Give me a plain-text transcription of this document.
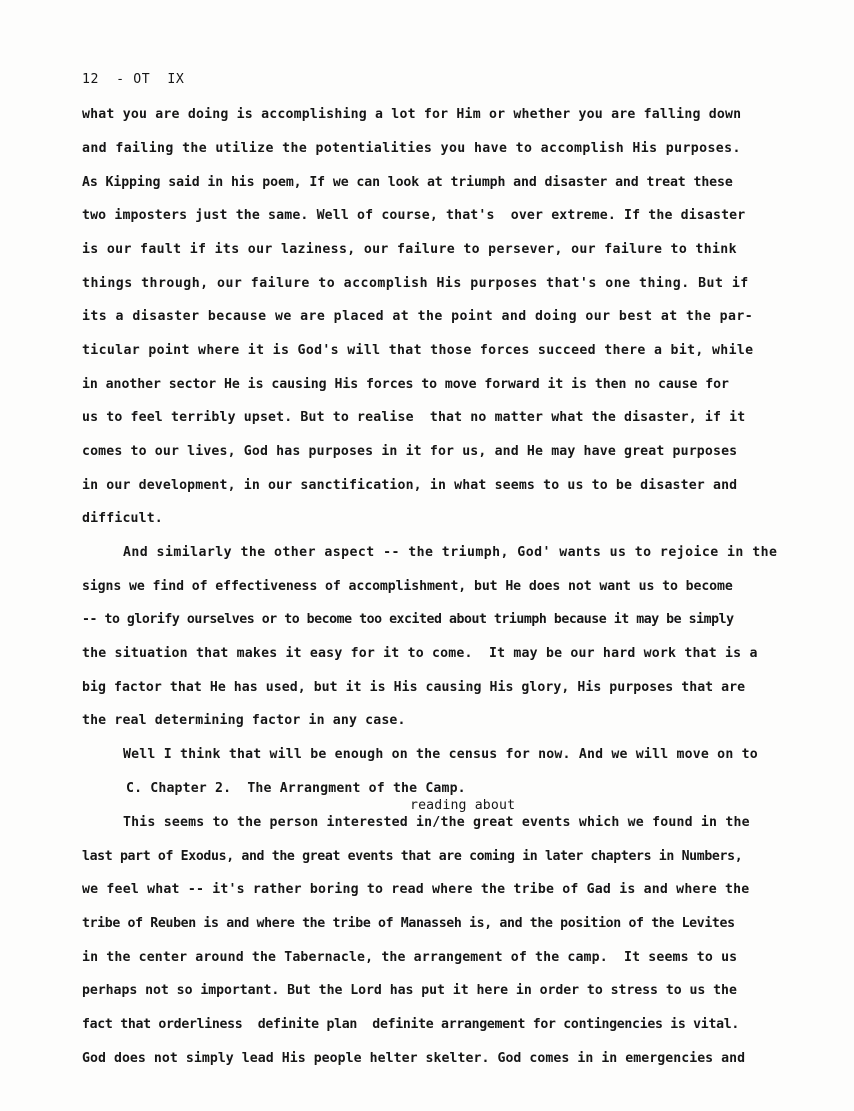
12  - OT  IX
what you are doing is accomplishing a lot for Him or whether you are falling down
and failing the utilize the potentialities you have to accomplish His purposes.
As Kipping said in his poem, If we can look at triumph and disaster and treat these
two imposters just the same. Well of course, that's  over extreme. If the disaster
is our fault if its our laziness, our failure to persever, our failure to think
things through, our failure to accomplish His purposes that's one thing. But if
its a disaster because we are placed at the point and doing our best at the par-
ticular point where it is God's will that those forces succeed there a bit, while
in another sector He is causing His forces to move forward it is then no cause for
us to feel terribly upset. But to realise  that no matter what the disaster, if it
comes to our lives, God has purposes in it for us, and He may have great purposes
in our development, in our sanctification, in what seems to us to be disaster and
difficult.
And similarly the other aspect -- the triumph, God' wants us to rejoice in the
signs we find of effectiveness of accomplishment, but He does not want us to become
-- to glorify ourselves or to become too excited about triumph because it may be simply
the situation that makes it easy for it to come.  It may be our hard work that is a
big factor that He has used, but it is His causing His glory, His purposes that are
the real determining factor in any case.
Well I think that will be enough on the census for now. And we will move on to
C. Chapter 2.  The Arrangment of the Camp.
reading about
This seems to the person interested in/the great events which we found in the
last part of Exodus, and the great events that are coming in later chapters in Numbers,
we feel what -- it's rather boring to read where the tribe of Gad is and where the
tribe of Reuben is and where the tribe of Manasseh is, and the position of the Levites
in the center around the Tabernacle, the arrangement of the camp.  It seems to us
perhaps not so important. But the Lord has put it here in order to stress to us the
fact that orderliness  definite plan  definite arrangement for contingencies is vital.
God does not simply lead His people helter skelter. God comes in in emergencies and
